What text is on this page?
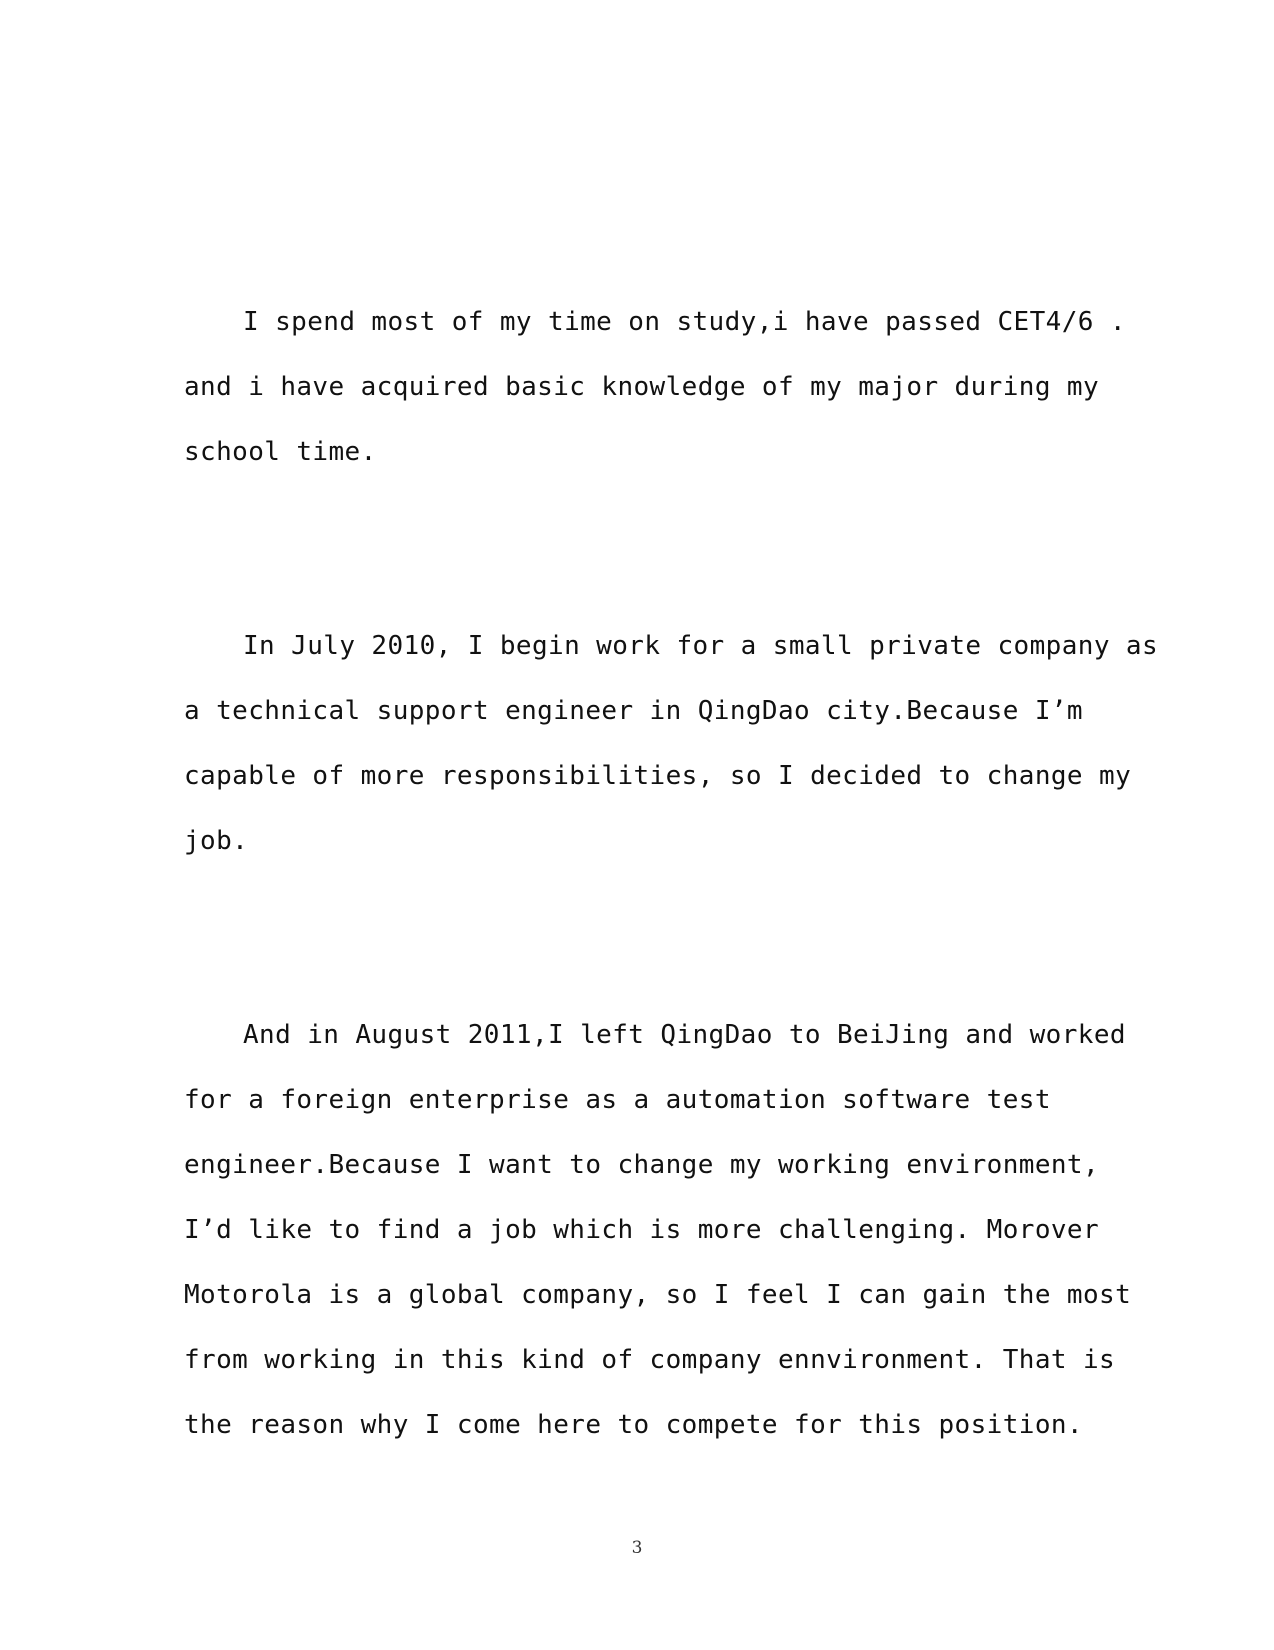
I spend most of my time on study,i have passed CET4/6 .
and i have acquired basic knowledge of my major during my
school time.
In July 2010, I begin work for a small private company as
a technical support engineer in QingDao city.Because I’m
capable of more responsibilities, so I decided to change my
job.
And in August 2011,I left QingDao to BeiJing and worked
for a foreign enterprise as a automation software test
engineer.Because I want to change my working environment,
I’d like to find a job which is more challenging. Morover
Motorola is a global company, so I feel I can gain the most
from working in this kind of company ennvironment. That is
the reason why I come here to compete for this position.
3
